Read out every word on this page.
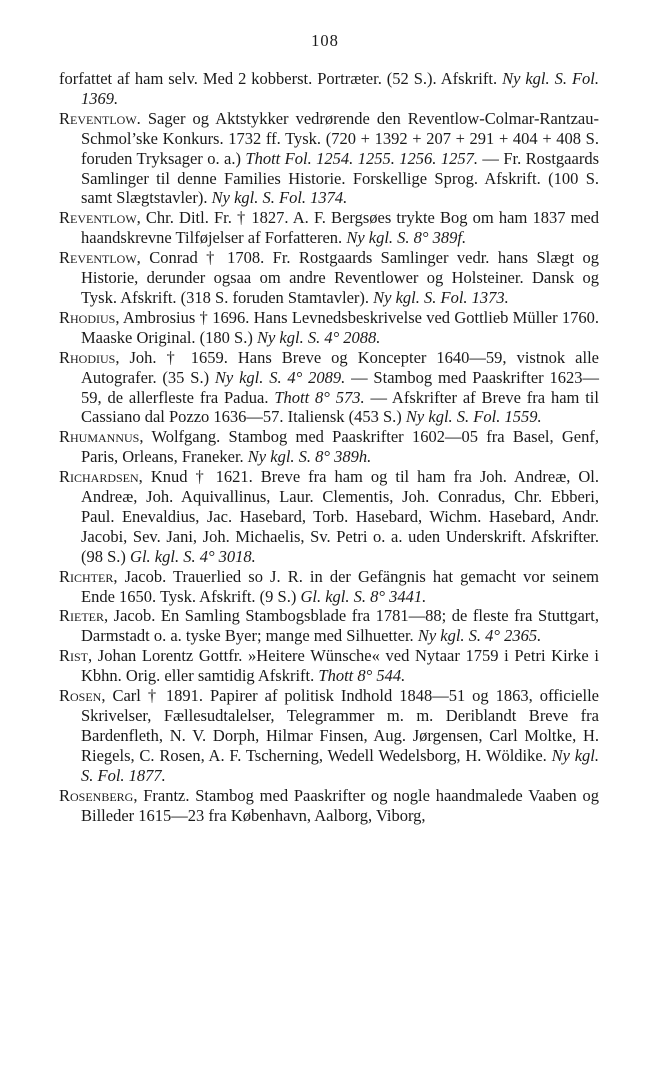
108

forfattet af ham selv. Med 2 kobberst. Portræter. (52 S.). Afskrift. Ny kgl. S. Fol. 1369.

Reventlow. Sager og Aktstykker vedrørende den Reventlow-Colmar-Rantzau-Schmol’ske Konkurs. 1732 ff. Tysk. (720 + 1392 + 207 + 291 + 404 + 408 S. foruden Tryksager o. a.) Thott Fol. 1254. 1255. 1256. 1257. — Fr. Rostgaards Samlinger til denne Families Historie. Forskellige Sprog. Afskrift. (100 S. samt Slægtstavler). Ny kgl. S. Fol. 1374.

Reventlow, Chr. Ditl. Fr. † 1827. A. F. Bergsøes trykte Bog om ham 1837 med haandskrevne Tilføjelser af Forfatteren. Ny kgl. S. 8° 389f.

Reventlow, Conrad † 1708. Fr. Rostgaards Samlinger vedr. hans Slægt og Historie, derunder ogsaa om andre Reventlower og Holsteiner. Dansk og Tysk. Afskrift. (318 S. foruden Stamtavler). Ny kgl. S. Fol. 1373.

Rhodius, Ambrosius † 1696. Hans Levnedsbeskrivelse ved Gottlieb Müller 1760. Maaske Original. (180 S.) Ny kgl. S. 4° 2088.

Rhodius, Joh. † 1659. Hans Breve og Koncepter 1640—59, vistnok alle Autografer. (35 S.) Ny kgl. S. 4° 2089. — Stambog med Paaskrifter 1623—59, de allerfleste fra Padua. Thott 8° 573. — Afskrifter af Breve fra ham til Cassiano dal Pozzo 1636—57. Italiensk (453 S.) Ny kgl. S. Fol. 1559.

Rhumannus, Wolfgang. Stambog med Paaskrifter 1602—05 fra Basel, Genf, Paris, Orleans, Franeker. Ny kgl. S. 8° 389h.

Richardsen, Knud † 1621. Breve fra ham og til ham fra Joh. Andreæ, Ol. Andreæ, Joh. Aquivallinus, Laur. Clementis, Joh. Conradus, Chr. Ebberi, Paul. Enevaldius, Jac. Hasebard, Torb. Hasebard, Wichm. Hasebard, Andr. Jacobi, Sev. Jani, Joh. Michaelis, Sv. Petri o. a. uden Underskrift. Afskrifter. (98 S.) Gl. kgl. S. 4° 3018.

Richter, Jacob. Trauerlied so J. R. in der Gefängnis hat gemacht vor seinem Ende 1650. Tysk. Afskrift. (9 S.) Gl. kgl. S. 8° 3441.

Rieter, Jacob. En Samling Stambogsblade fra 1781—88; de fleste fra Stuttgart, Darmstadt o. a. tyske Byer; mange med Silhuetter. Ny kgl. S. 4° 2365.

Rist, Johan Lorentz Gottfr. »Heitere Wünsche« ved Nytaar 1759 i Petri Kirke i Kbhn. Orig. eller samtidig Afskrift. Thott 8° 544.

Rosen, Carl † 1891. Papirer af politisk Indhold 1848—51 og 1863, officielle Skrivelser, Fællesudtalelser, Telegrammer m. m. Deriblandt Breve fra Bardenfleth, N. V. Dorph, Hilmar Finsen, Aug. Jørgensen, Carl Moltke, H. Riegels, C. Rosen, A. F. Tscherning, Wedell Wedelsborg, H. Wöldike. Ny kgl. S. Fol. 1877.

Rosenberg, Frantz. Stambog med Paaskrifter og nogle haandmalede Vaaben og Billeder 1615—23 fra København, Aalborg, Viborg,
